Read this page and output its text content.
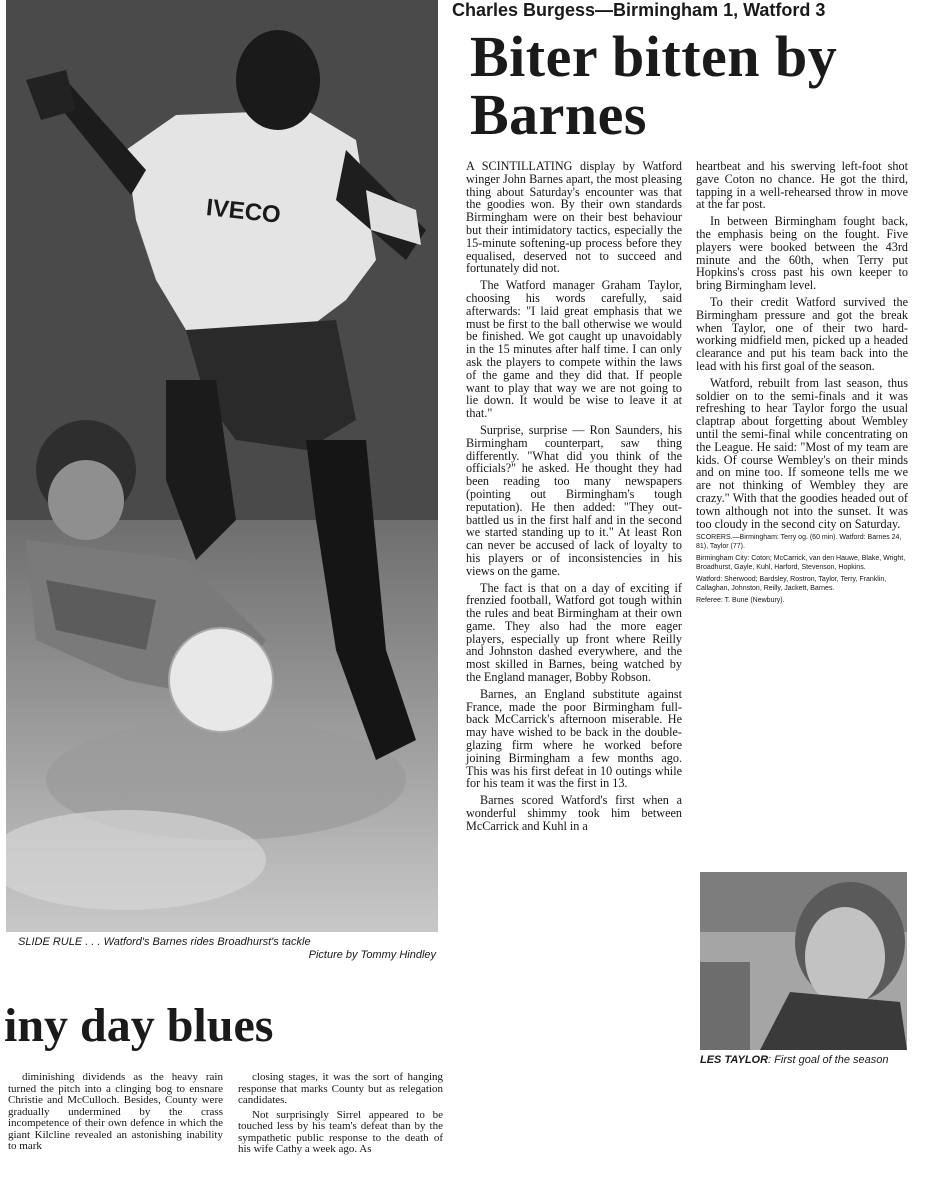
IVECO
SLIDE RULE . . . Watford's Barnes rides Broadhurst's tackle
Picture by Tommy Hindley
Charles Burgess—Birmingham 1, Watford 3
Biter bitten by Barnes

A SCINTILLATING display by Watford winger John Barnes apart, the most pleasing thing about Saturday's encounter was that the goodies won. By their own standards Birmingham were on their best behaviour but their intimidatory tactics, especially the 15-minute softening-up process before they equalised, deserved not to succeed and fortunately did not.

The Watford manager Graham Taylor, choosing his words carefully, said afterwards: "I laid great emphasis that we must be first to the ball otherwise we would be finished. We got caught up unavoidably in the 15 minutes after half time. I can only ask the players to compete within the laws of the game and they did that. If people want to play that way we are not going to lie down. It would be wise to leave it at that."

Surprise, surprise — Ron Saunders, his Birmingham counterpart, saw thing differently. "What did you think of the officials?" he asked. He thought they had been reading too many newspapers (pointing out Birmingham's tough reputation). He then added: "They out-battled us in the first half and in the second we started standing up to it." At least Ron can never be accused of lack of loyalty to his players or of inconsistencies in his views on the game.

The fact is that on a day of exciting if frenzied football, Watford got tough within the rules and beat Birmingham at their own game. They also had the more eager players, especially up front where Reilly and Johnston dashed everywhere, and the most skilled in Barnes, being watched by the England manager, Bobby Robson.

Barnes, an England substitute against France, made the poor Birmingham full-back McCarrick's afternoon miserable. He may have wished to be back in the double-glazing firm where he worked before joining Birmingham a few months ago. This was his first defeat in 10 outings while for his team it was the first in 13.

Barnes scored Watford's first when a wonderful shimmy took him between McCarrick and Kuhl in a

heartbeat and his swerving left-foot shot gave Coton no chance. He got the third, tapping in a well-rehearsed throw in move at the far post.

In between Birmingham fought back, the emphasis being on the fought. Five players were booked between the 43rd minute and the 60th, when Terry put Hopkins's cross past his own keeper to bring Birmingham level.

To their credit Watford survived the Birmingham pressure and got the break when Taylor, one of their two hard-working midfield men, picked up a headed clearance and put his team back into the lead with his first goal of the season.

Watford, rebuilt from last season, thus soldier on to the semi-finals and it was refreshing to hear Taylor forgo the usual claptrap about forgetting about Wembley until the semi-final while concentrating on the League. He said: "Most of my team are kids. Of course Wembley's on their minds and on mine too. If someone tells me we are not thinking of Wembley they are crazy." With that the goodies headed out of town although not into the sunset. It was too cloudy in the second city on Saturday.

SCORERS.—Birmingham: Terry og. (60 min). Watford: Barnes 24, 81), Taylor (77).

Birmingham City: Coton; McCarrick, van den Hauwe, Blake, Wright, Broadhurst, Gayle, Kuhl, Harford, Stevenson, Hopkins.

Watford: Sherwood; Bardsley, Rostron, Taylor, Terry, Franklin, Callaghan, Johnston, Reilly, Jackett, Barnes.

Referee: T. Bune (Newbury).

LES TAYLOR: First goal of the season
iny day blues

diminishing dividends as the heavy rain turned the pitch into a clinging bog to ensnare Christie and McCulloch. Besides, County were gradually undermined by the crass incompetence of their own defence in which the giant Kilcline revealed an astonishing inability to mark

closing stages, it was the sort of hanging response that marks County but as relegation candidates.

Not surprisingly Sirrel appeared to be touched less by his team's defeat than by the sympathetic public response to the death of his wife Cathy a week ago. As
